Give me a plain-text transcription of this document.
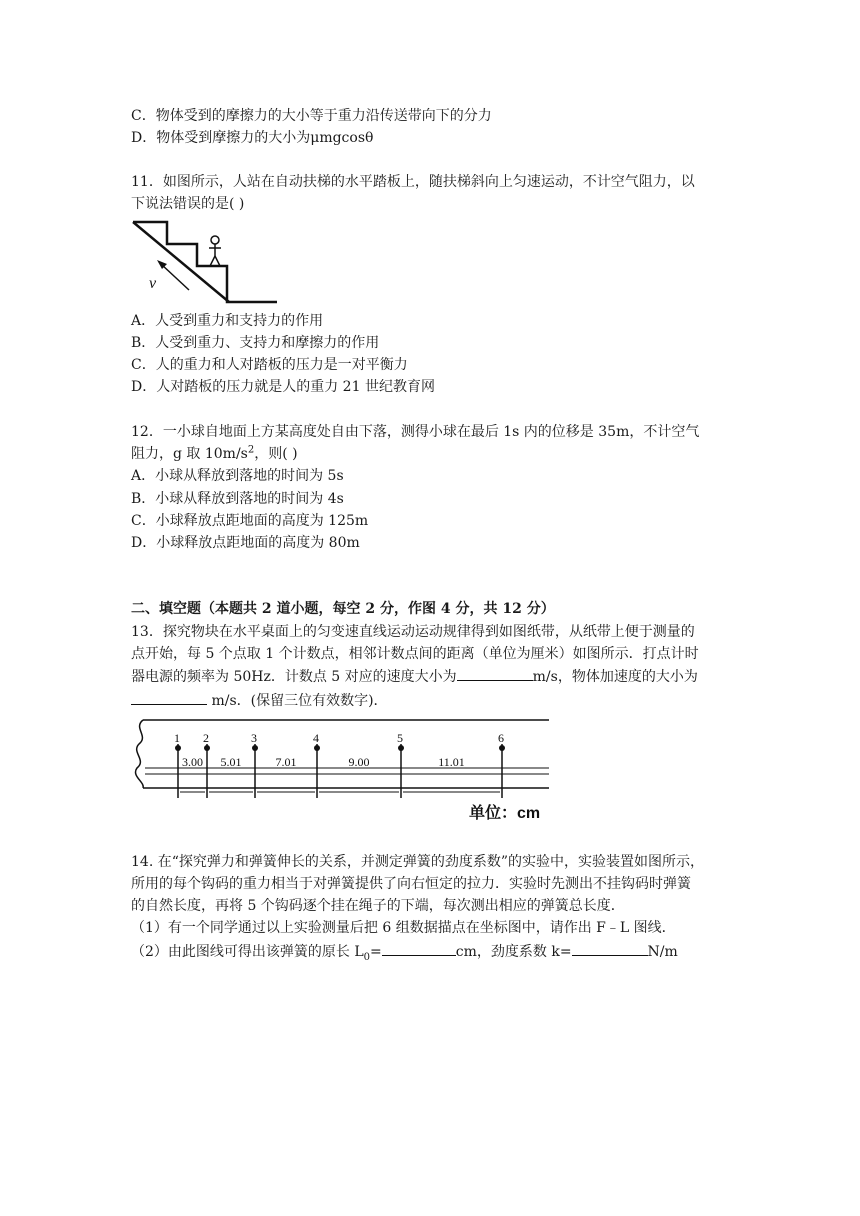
C．物体受到的摩擦力的大小等于重力沿传送带向下的分力
D．物体受到摩擦力的大小为μmgcosθ
11．如图所示，人站在自动扶梯的水平踏板上，随扶梯斜向上匀速运动，不计空气阻力，以
下说法错误的是( )
v
A．人受到重力和支持力的作用
B．人受到重力、支持力和摩擦力的作用
C．人的重力和人对踏板的压力是一对平衡力
D．人对踏板的压力就是人的重力 21 世纪教育网
12．一小球自地面上方某高度处自由下落，测得小球在最后 1s 内的位移是 35m，不计空气
阻力，g 取 $10m/s^2$，则( )
A．小球从释放到落地的时间为 5s
B．小球从释放到落地的时间为 4s
C．小球释放点距地面的高度为 125m
D．小球释放点距地面的高度为 80m
二、填空题（本题共 2 道小题，每空 2 分，作图 4 分，共 12 分）
13．探究物块在水平桌面上的匀变速直线运动运动规律得到如图纸带，从纸带上便于测量的
点开始，每 5 个点取 1 个计数点，相邻计数点间的距离（单位为厘米）如图所示．打点计时
器电源的频率为 50Hz．计数点 5 对应的速度大小为	m/s，物体加速度的大小为
m/s．(保留三位有效数字)．
1 2	3	4	5	6
3.00 5.01	7.01	9.00	11.01
单位：cm
14. 在“探究弹力和弹簧伸长的关系，并测定弹簧的劲度系数”的实验中，实验装置如图所示，
所用的每个钩码的重力相当于对弹簧提供了向右恒定的拉力．实验时先测出不挂钩码时弹簧
的自然长度，再将 5 个钩码逐个挂在绳子的下端，每次测出相应的弹簧总长度．
（1）有一个同学通过以上实验测量后把 6 组数据描点在坐标图中，请作出 F﹣L 图线．
（2）由此图线可得出该弹簧的原长 $L_0=$	cm，劲度系数 k=	N/m
